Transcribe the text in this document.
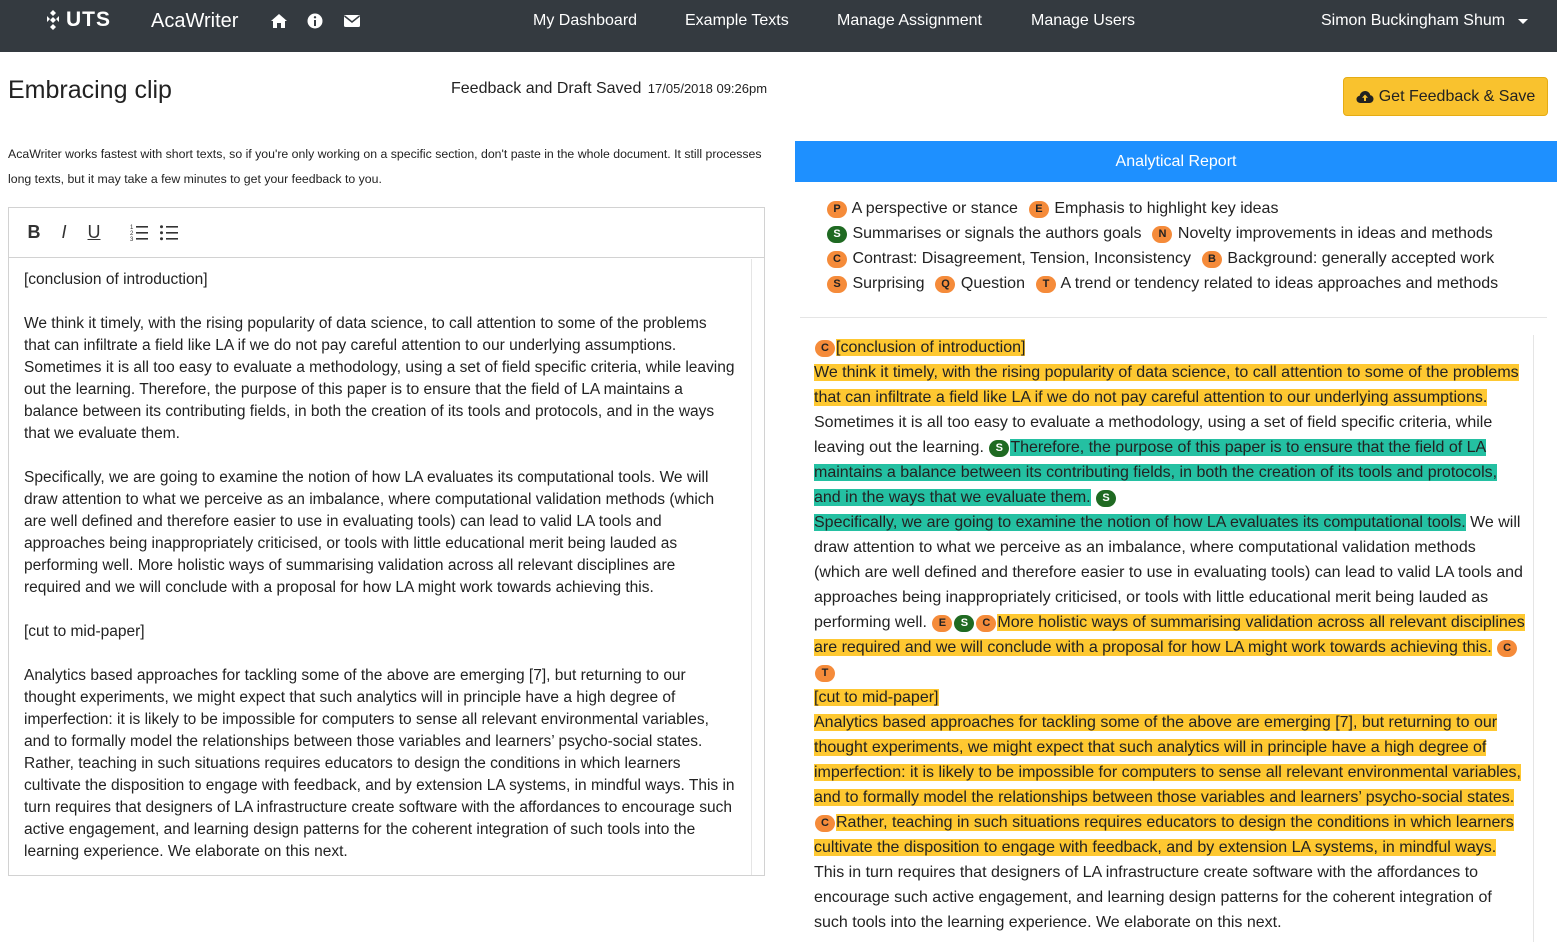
UTS AcaWriter	My Dashboard	Example Texts	Manage Assignment	Manage Users	Simon Buckingham Shum
Embracing clip	Feedback and Draft Saved 17/05/2018 09:26pm
AcaWriter works fastest with short texts, so if you're only working on a specific section, don't paste in the whole document. It still processes long texts, but it may take a few minutes to get your feedback to you.
B	I	U	1
2
3

[conclusion of introduction]

We think it timely, with the rising popularity of data science, to call attention to some of the problems that can infiltrate a field like LA if we do not pay careful attention to our underlying assumptions. Sometimes it is all too easy to evaluate a methodology, using a set of field specific criteria, while leaving out the learning. Therefore, the purpose of this paper is to ensure that the field of LA maintains a balance between its contributing fields, in both the creation of its tools and protocols, and in the ways that we evaluate them.

Specifically, we are going to examine the notion of how LA evaluates its computational tools. We will draw attention to what we perceive as an imbalance, where computational validation methods (which are well defined and therefore easier to use in evaluating tools) can lead to valid LA tools and approaches being inappropriately criticised, or tools with little educational merit being lauded as performing well. More holistic ways of summarising validation across all relevant disciplines are required and we will conclude with a proposal for how LA might work towards achieving this.

[cut to mid-paper]

Analytics based approaches for tackling some of the above are emerging [7], but returning to our thought experiments, we might expect that such analytics will in principle have a high degree of imperfection: it is likely to be impossible for computers to sense all relevant environmental variables, and to formally model the relationships between those variables and learners’ psycho-social states. Rather, teaching in such situations requires educators to design the conditions in which learners cultivate the disposition to engage with feedback, and by extension LA systems, in mindful ways. This in turn requires that designers of LA infrastructure create software with the affordances to encourage such active engagement, and learning design patterns for the coherent integration of such tools into the learning experience. We elaborate on this next.

Get Feedback & Save
Analytical Report
P A perspective or stance E Emphasis to highlight key ideas
S Summarises or signals the authors goals N Novelty improvements in ideas and methods
C Contrast: Disagreement, Tension, Inconsistency B Background: generally accepted work
S Surprising Q Question T A trend or tendency related to ideas approaches and methods
C [conclusion of introduction]
We think it timely, with the rising popularity of data science, to call attention to some of the problems that can infiltrate a field like LA if we do not pay careful attention to our underlying assumptions. Sometimes it is all too easy to evaluate a methodology, using a set of field specific criteria, while leaving out the learning. S Therefore, the purpose of this paper is to ensure that the field of LA maintains a balance between its contributing fields, in both the creation of its tools and protocols, and in the ways that we evaluate them. S
Specifically, we are going to examine the notion of how LA evaluates its computational tools. We will draw attention to what we perceive as an imbalance, where computational validation methods (which are well defined and therefore easier to use in evaluating tools) can lead to valid LA tools and approaches being inappropriately criticised, or tools with little educational merit being lauded as performing well. E S C More holistic ways of summarising validation across all relevant disciplines are required and we will conclude with a proposal for how LA might work towards achieving this. CT
[cut to mid-paper]
Analytics based approaches for tackling some of the above are emerging [7], but returning to our thought experiments, we might expect that such analytics will in principle have a high degree of imperfection: it is likely to be impossible for computers to sense all relevant environmental variables, and to formally model the relationships between those variables and learners’ psycho-social states. C Rather, teaching in such situations requires educators to design the conditions in which learners cultivate the disposition to engage with feedback, and by extension LA systems, in mindful ways. This in turn requires that designers of LA infrastructure create software with the affordances to encourage such active engagement, and learning design patterns for the coherent integration of such tools into the learning experience. We elaborate on this next.
